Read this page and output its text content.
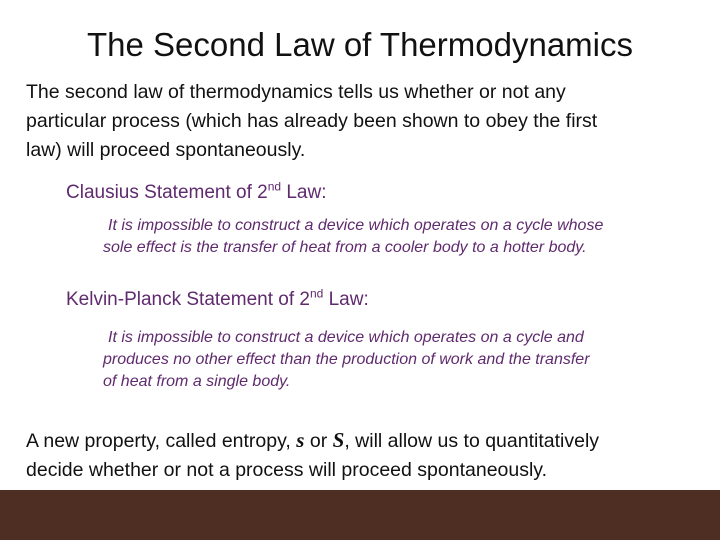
The Second Law of Thermodynamics
The second law of thermodynamics tells us whether or not any
particular process (which has already been shown to obey the first
law) will proceed spontaneously.
Clausius Statement of 2nd Law:
It is impossible to construct a device which operates on a cycle whose
sole effect is the transfer of heat from a cooler body to a hotter body.
Kelvin-Planck Statement of 2nd Law:
It is impossible to construct a device which operates on a cycle and
produces no other effect than the production of work and the transfer
of heat from a single body.
A new property, called entropy, s or S, will allow us to quantitatively
decide whether or not a process will proceed spontaneously.
